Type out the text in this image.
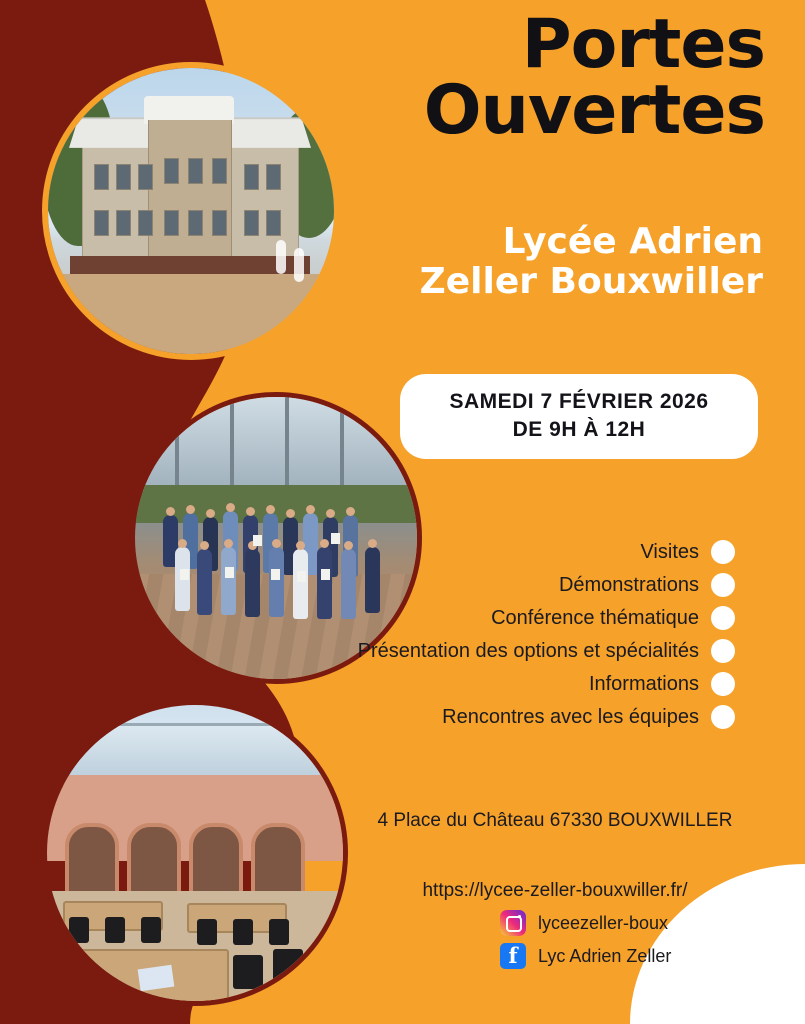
Portes
Ouvertes
Lycée Adrien
Zeller Bouxwiller
SAMEDI 7 FÉVRIER 2026
DE 9H À 12H
Visites
Démonstrations
Conférence thématique
Présentation des options et spécialités
Informations
Rencontres avec les équipes
4 Place du Château 67330 BOUXWILLER
https://lycee-zeller-bouxwiller.fr/
lyceezeller-boux
f	Lyc Adrien Zeller
